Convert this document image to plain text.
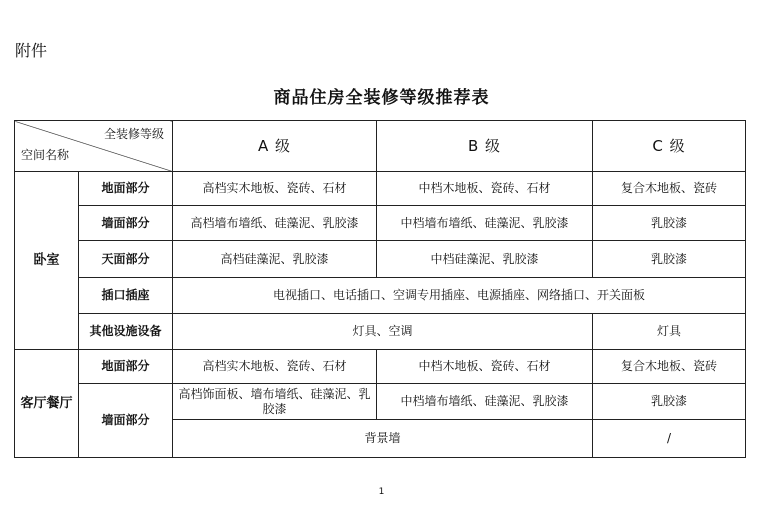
附件
商品住房全装修等级推荐表
全装修等级
空间名称		A 级	B 级	C 级
卧室	地面部分	高档实木地板、瓷砖、石材	中档木地板、瓷砖、石材	复合木地板、瓷砖
	墙面部分	高档墙布墙纸、硅藻泥、乳胶漆	中档墙布墙纸、硅藻泥、乳胶漆	乳胶漆
	天面部分	高档硅藻泥、乳胶漆	中档硅藻泥、乳胶漆	乳胶漆
	插口插座	电视插口、电话插口、空调专用插座、电源插座、网络插口、开关面板		
	其他设施设备	灯具、空调		灯具
客厅餐厅	地面部分	高档实木地板、瓷砖、石材	中档木地板、瓷砖、石材	复合木地板、瓷砖
	墙面部分	高档饰面板、墙布墙纸、硅藻泥、乳胶漆	中档墙布墙纸、硅藻泥、乳胶漆	乳胶漆
		背景墙		/
1
